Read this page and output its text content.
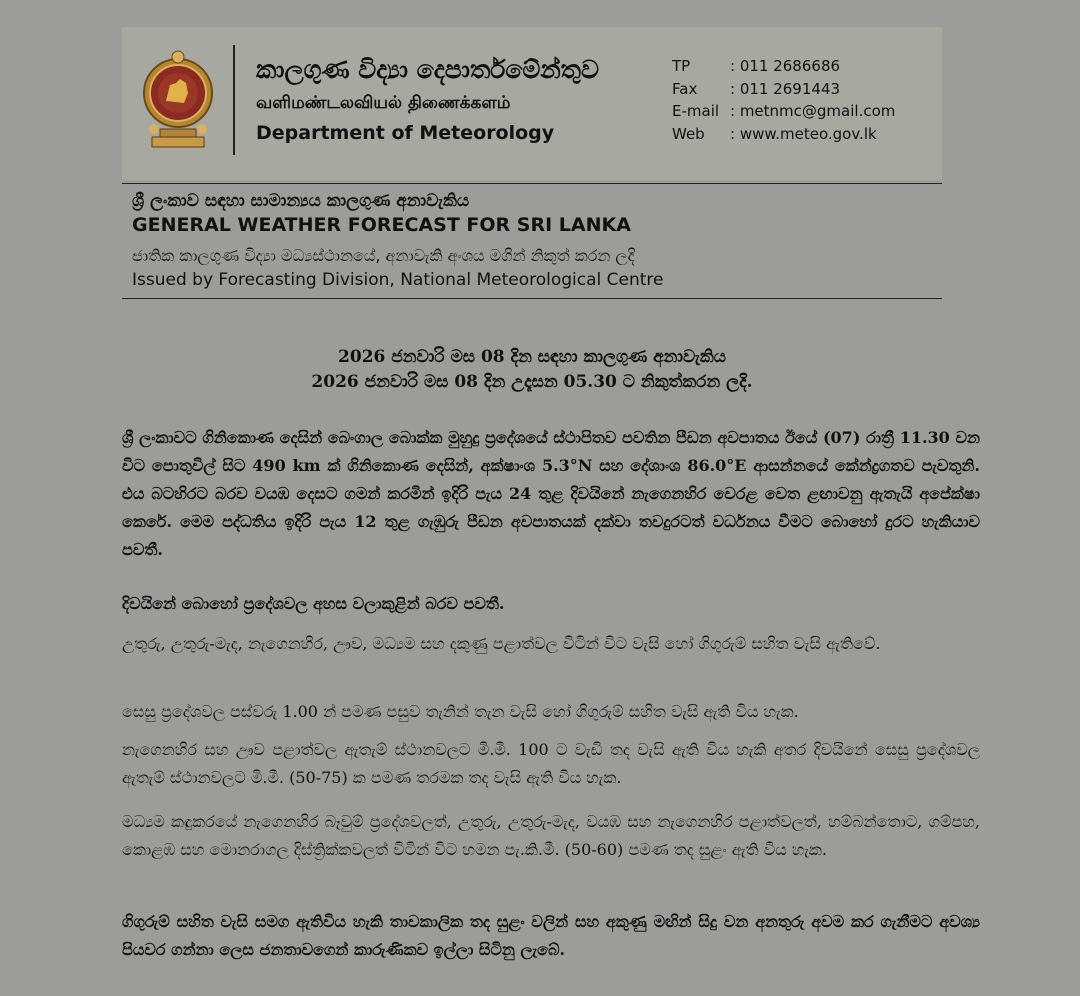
කාලගුණ විද්‍යා දෙපාර්තමේන්තුව
வளிமண்டலவியல் திணைக்களம்
Department of Meteorology
TP	: 011 2686686
Fax : 011 2691443
E-mail : metnmc@gmail.com
Web : www.meteo.gov.lk
ශ්‍රී ලංකාව සඳහා සාමාන්‍යය කාලගුණ අනාවැකිය
GENERAL WEATHER FORECAST FOR SRI LANKA
ජාතික කාලගුණ විද්‍යා මධ්‍යස්ථානයේ, අනාවැකි අංශය මගින් නිකුත් කරන ලදි
Issued by Forecasting Division, National Meteorological Centre
2026 ජනවාරි මස 08 දින සඳහා කාලගුණ අනාවැකිය
2026 ජනවාරි මස 08 දින උදෑසන 05.30 ට නිකුත්කරන ලදි.
ශ්‍රී ලංකාවට ගිනිකොණ දෙසින් බෙංගාල බොක්ක මුහුදු ප්‍රදේශයේ ස්ථාපිතව පවතින පීඩන අවපාතය ඊයේ (07) රාත්‍රී 11.30 වන විට පොතුවිල් සිට 490 km ක් ගිනිකොණ දෙසින්, අක්ෂාංශ 5.3°N සහ දේශාංශ 86.0°E ආසන්නයේ කේන්ද්‍රගතව පැවතුනි. එය බටහිරට බරව වයඹ දෙසට ගමන් කරමින් ඉදිරි පැය 24 තුළ දිවයිනේ නැගෙනහිර වෙරළ වෙත ළඟාවනු ඇතැයි අපේක්ෂා කෙරේ. මෙම පද්ධතිය ඉදිරි පැය 12 තුළ ගැඹුරු පීඩන අවපාතයක් දක්වා තවදුරටත් වර්ධනය වීමට බොහෝ දුරට හැකියාව පවතී.
දිවයිනේ බොහෝ ප්‍රදේශවල අහස වලාකුළින් බරව පවතී.
උතුරු, උතුරු-මැද, නැගෙනහිර, ඌව, මධ්‍යම සහ දකුණු පළාත්වල විටින් විට වැසි හෝ ගිගුරුම් සහිත වැසි ඇතිවේ.
සෙසු ප්‍රදේශවල පස්වරු 1.00 න් පමණ පසුව තැනින් තැන වැසි හෝ ගිගුරුම් සහිත වැසි ඇති විය හැක.
නැගෙනහිර සහ ඌව පළාත්වල ඇතැම් ස්ථානවලට මි.මී. 100 ට වැඩි තද වැසි ඇති විය හැකි අතර දිවයිනේ සෙසු ප්‍රදේශවල ඇතැම් ස්ථානවලට මි.මී. (50-75) ක පමණ තරමක තද වැසි ඇති විය හැක.
මධ්‍යම කඳුකරයේ නැගෙනහිර බෑවුම් ප්‍රදේශවලත්, උතුරු, උතුරු-මැද, වයඹ සහ නැගෙනහිර පළාත්වලත්, හම්බන්තොට, ගම්පහ, කොළඹ සහ මොනරාගල දිස්ත්‍රික්කවලත් විටින් විට හමන පැ.කි.මී. (50-60) පමණ තද සුළං ඇති විය හැක.
ගිගුරුම් සහිත වැසි සමග ඇතිවිය හැකි තාවකාලික තද සුළං වලින් සහ අකුණු මඟින් සිදු වන අනතුරු අවම කර ගැනීමට අවශ්‍ය පියවර ගන්නා ලෙස ජනතාවගෙන් කාරුණිකව ඉල්ලා සිටිනු ලැබේ.
